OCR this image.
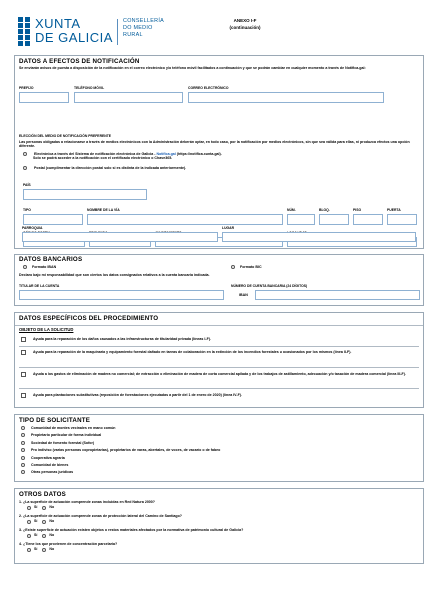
XUNTA
DE GALICIA
CONSELLERÍA
DO MEDIO
RURAL
ANEXO I-F
(continuación)
DATOS A EFECTOS DE NOTIFICACIÓN
Se enviarán avisos de puesta a disposición de la notificación en el correo electrónico y/o teléfono móvil facilitados a continuación y que se podrán cambiar en cualquier momento a través de Notifica.gal:
PREFIJO	TELÉFONO MÓVIL	CORREO ELECTRÓNICO
ELECCIÓN DEL MEDIO DE NOTIFICACIÓN PREFERENTE
Las personas obligadas a relacionarse a través de medios electrónicos con la Administración deberán optar, en todo caso, por la notificación por medios electrónicos, sin que sea válida para ellas, ni produzca efectos una opción diferente.
Electrónica a través del Sistema de notificación electrónica de Galicia - Notifica.gal (https://notifica.xunta.gal).
Solo se podrá acceder a la notificación con el certificado electrónico o Chave365.
Postal (cumplimentar la dirección postal solo si es distinta de la indicada anteriormente).
PAÍS
TIPO	NOMBRE DE LA VÍA	NÚM.	BLOQ.	PISO	PUERTA
PARROQUIA	LUGAR
DATOS BANCARIOS
Formato IBAN	Formato BIC
Declaro bajo mi responsabilidad que son ciertos los datos consignados relativos a la cuenta bancaria indicada.
TITULAR DE LA CUENTA	NÚMERO DE CUENTA BANCARIA (24 DÍGITOS)
IBAN
DATOS ESPECÍFICOS DEL PROCEDIMIENTO
OBJETO DE LA SOLICITUD
Ayuda para la reparación de los daños causados a las infraestructuras de titularidad privada (líneas I-F).
Ayuda para la reparación de la maquinaria y equipamiento forestal dañado en tareas de colaboración en la extinción de los incendios forestales u ocasionados por los mismos (línea II-F).
Ayuda a los gastos de eliminación de madera no comercial; de extracción o eliminación de madera de corta comercial apilada y de los trabajos de astillamiento, adecuación y/o tasación de madera comercial (línea III-F).
Ayuda para plantaciones substitutivas (reposición de forestaciones ejecutadas a partir del 1 de enero de 2020) (línea IV-F).
TIPO DE SOLICITANTE
Comunidad de montes vecinales en mano común
Propietario particular de forma individual
Sociedad de fomento forestal (Sofor)
Pro indiviso (varias personas copropietarias), propietarios de varas, abertales, de voces, de vacarío o de fabeo
Cooperativa agraria
Comunidad de bienes
Otras personas jurídicas
OTROS DATOS
1. ¿La superficie de actuación comprende zonas incluidas en Red Natura 2000?
Sí	No
2. ¿La superficie de actuación comprende zonas de protección lateral del Camino de Santiago?
Sí	No
3. ¿Existe superficie de actuación existen objetos o restos materiales afectados por la normativa de patrimonio cultural de Galicia?
Sí	No
4. ¿Tiene los que provienen de concentración parcelaria?
Sí	No
